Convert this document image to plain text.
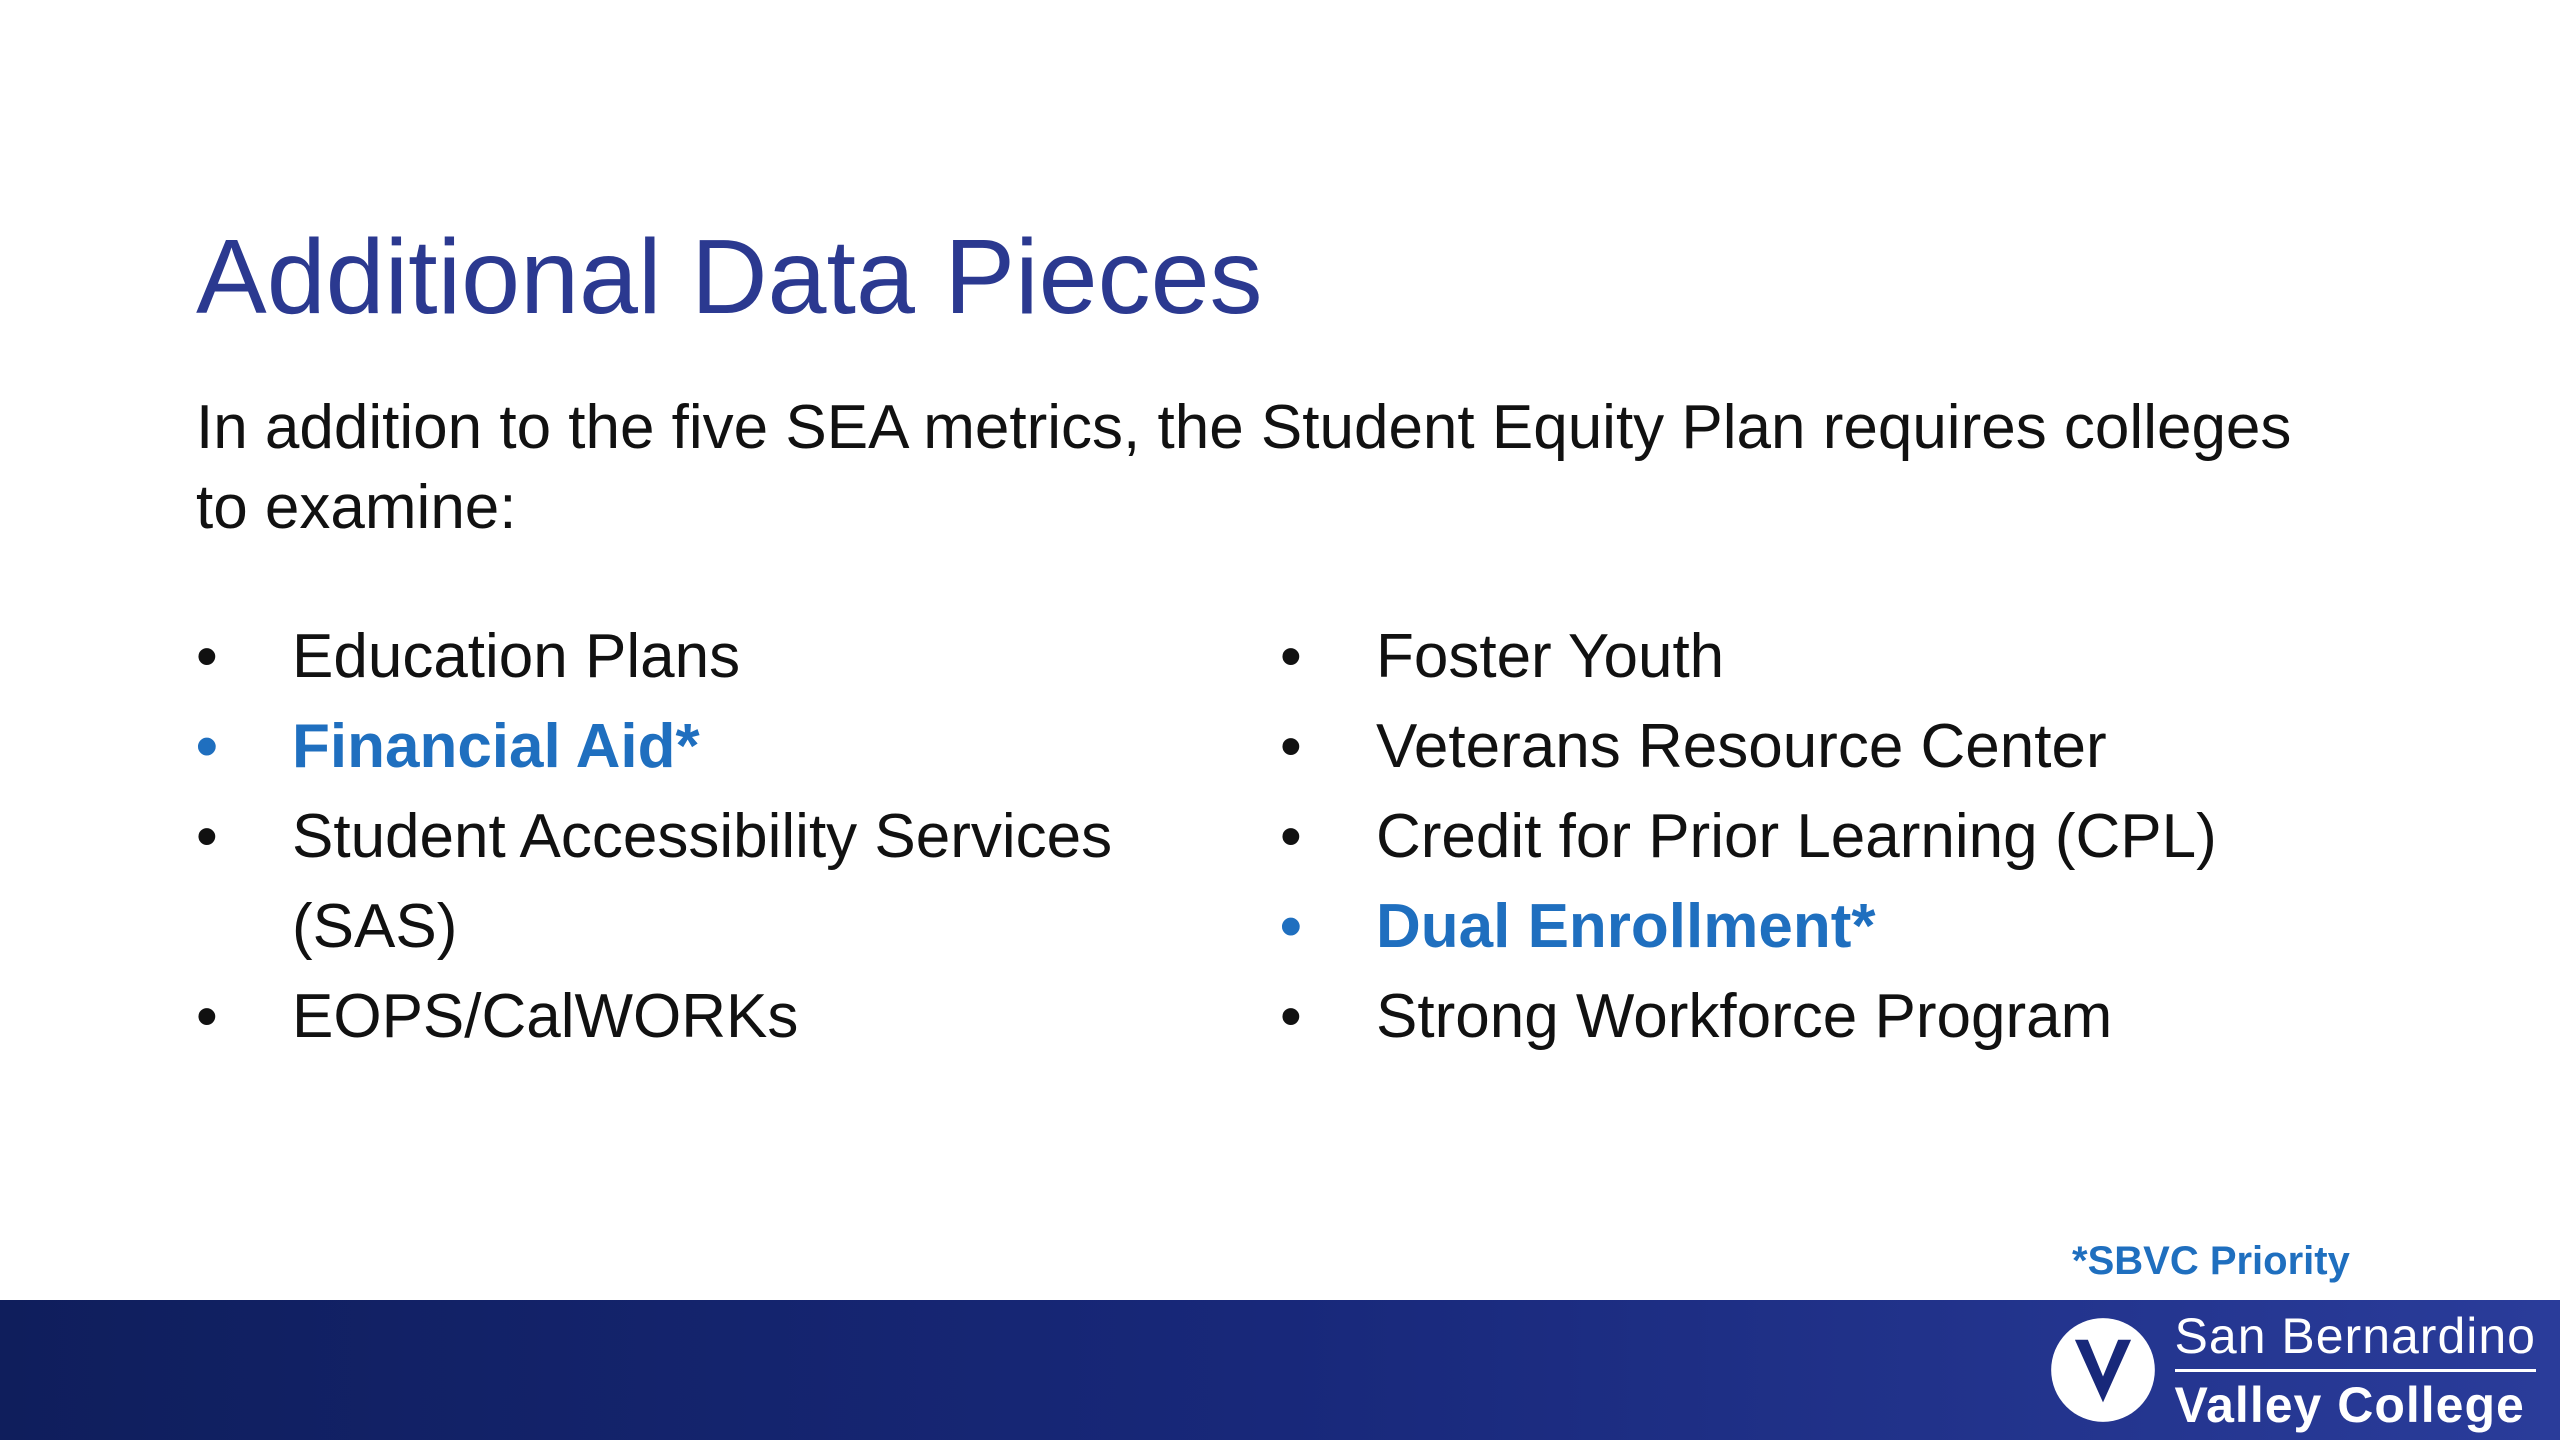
Additional Data Pieces

In addition to the five SEA metrics, the Student Equity Plan requires colleges to examine:

• Education Plans
• Financial Aid*
• Student Accessibility Services (SAS)
• EOPS/CalWORKs
• Foster Youth
• Veterans Resource Center
• Credit for Prior Learning (CPL)
• Dual Enrollment*
• Strong Workforce Program
*SBVC Priority
San Bernardino
Valley College
